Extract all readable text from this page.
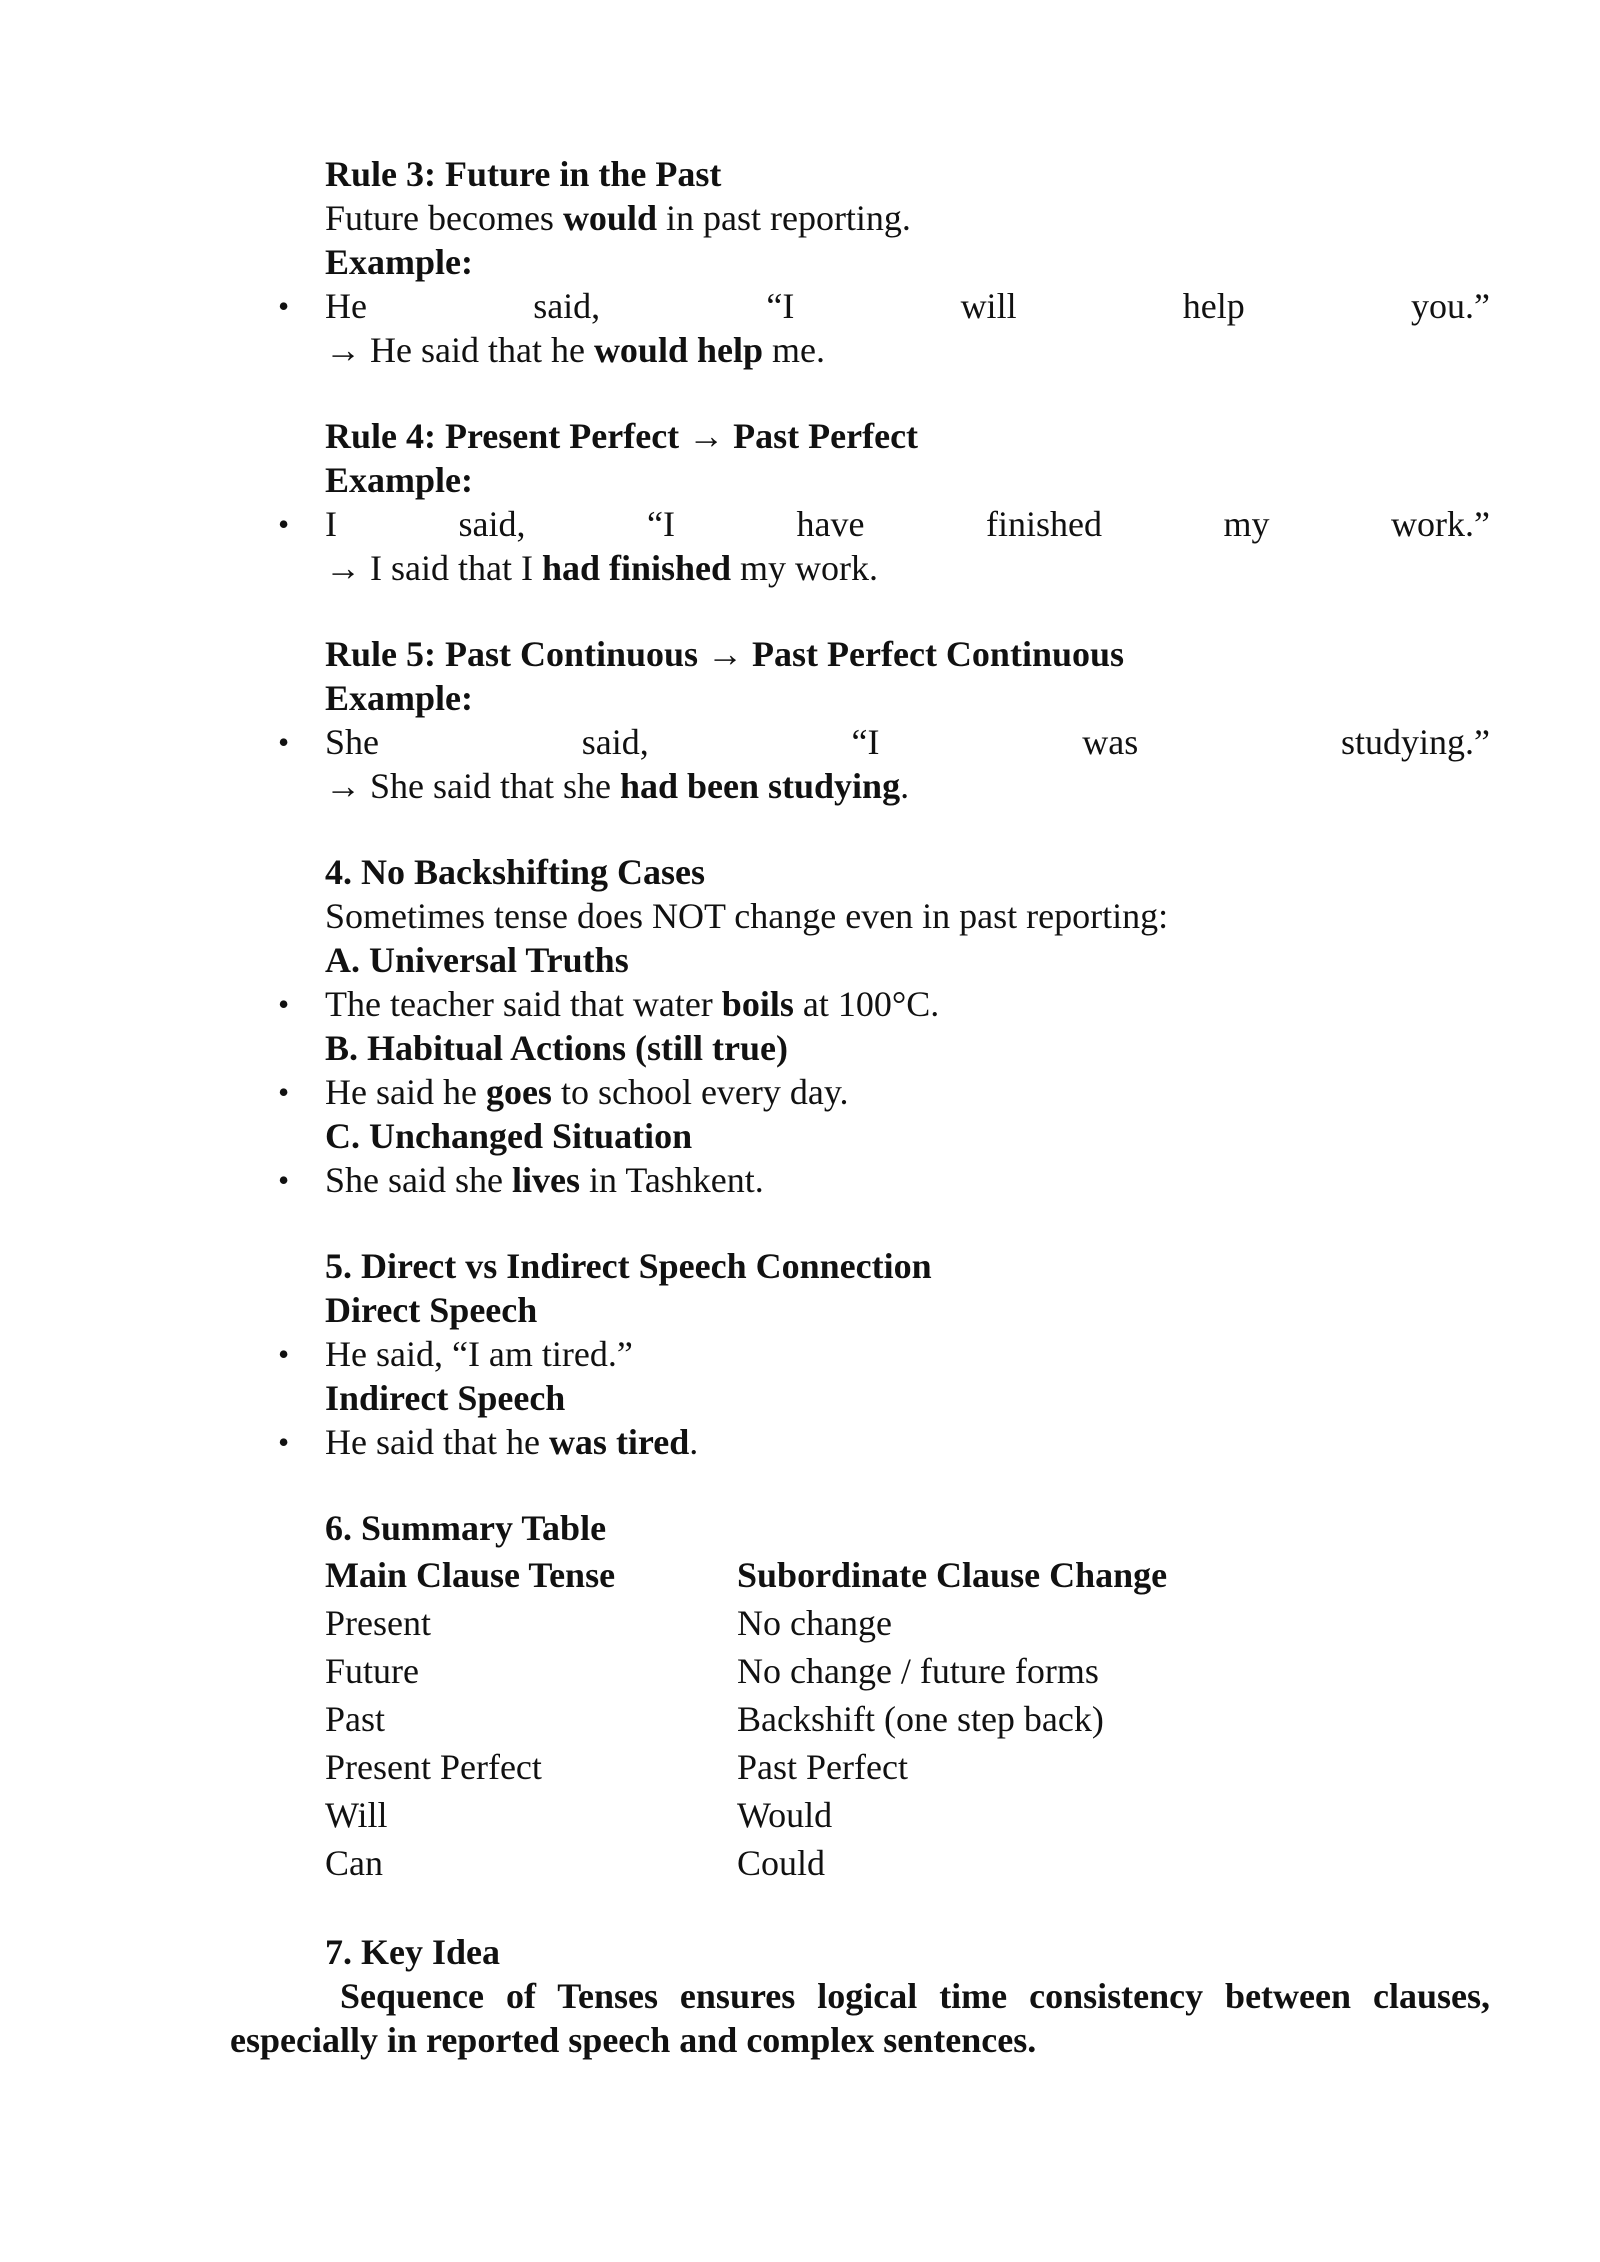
Rule 3: Future in the Past
Future becomes would in past reporting.
Example:
• He	said,	“I	will	help	you.”
→ He said that he would help me.
Rule 4: Present Perfect → Past Perfect
Example:
• I	said,	“I	have	finished	my	work.”
→ I said that I had finished my work.
Rule 5: Past Continuous → Past Perfect Continuous
Example:
• She	said,	“I	was	studying.”
→ She said that she had been studying.
4. No Backshifting Cases
Sometimes tense does NOT change even in past reporting:
A. Universal Truths
• The teacher said that water boils at 100°C.
B. Habitual Actions (still true)
• He said he goes to school every day.
C. Unchanged Situation
• She said she lives in Tashkent.
5. Direct vs Indirect Speech Connection
Direct Speech
• He said, “I am tired.”
Indirect Speech
• He said that he was tired.
6. Summary Table
Main Clause Tense	Subordinate Clause Change
Present	No change
Future	No change / future forms
Past	Backshift (one step back)
Present Perfect	Past Perfect
Will	Would
Can	Could
7. Key Idea
Sequence of Tenses ensures logical time consistency between clauses, especially in reported speech and complex sentences.
